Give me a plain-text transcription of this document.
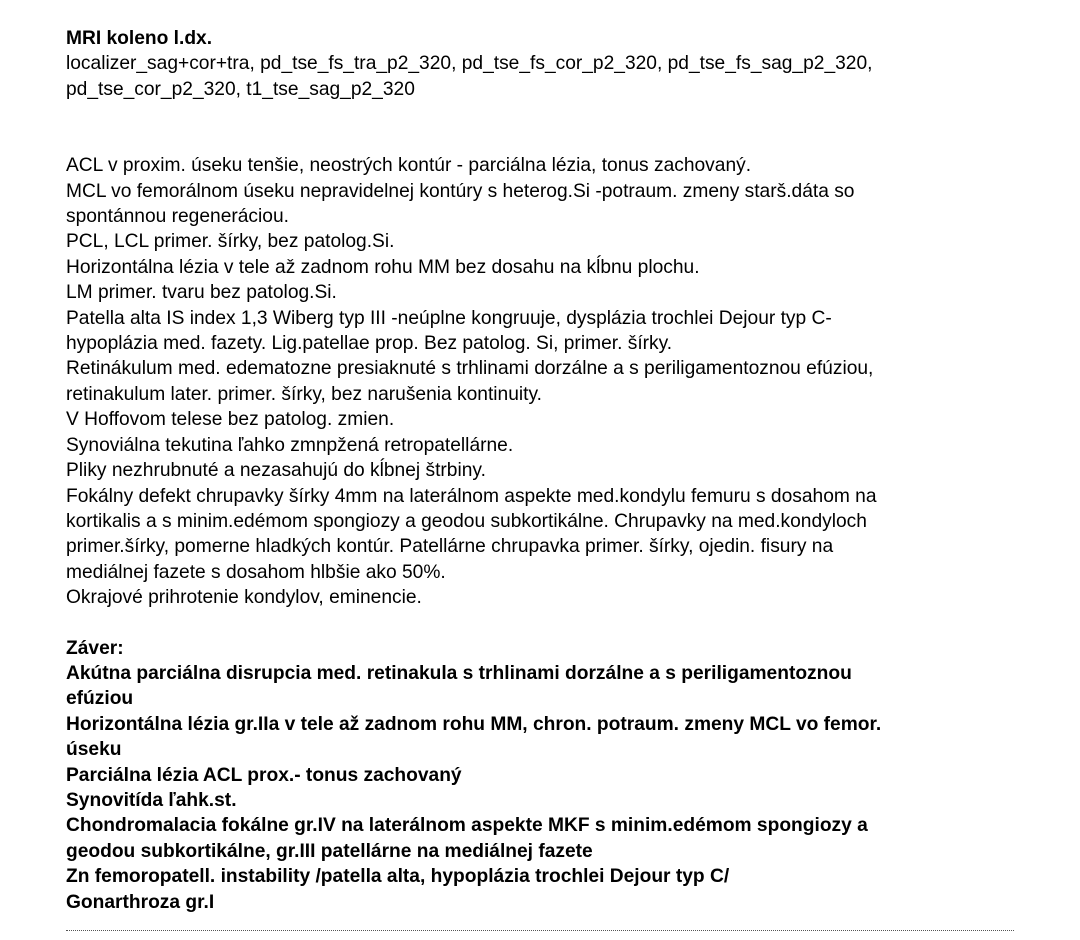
MRI koleno l.dx.

localizer_sag+cor+tra, pd_tse_fs_tra_p2_320, pd_tse_fs_cor_p2_320, pd_tse_fs_sag_p2_320,

pd_tse_cor_p2_320, t1_tse_sag_p2_320

ACL v proxim. úseku tenšie, neostrých kontúr - parciálna lézia, tonus zachovaný.

MCL vo femorálnom úseku nepravidelnej kontúry s heterog.Si -potraum. zmeny starš.dáta so

spontánnou regeneráciou.

PCL, LCL primer. šírky, bez patolog.Si.

Horizontálna lézia v tele až zadnom rohu MM bez dosahu na kĺbnu plochu.

LM primer. tvaru bez patolog.Si.

Patella alta IS index 1,3 Wiberg typ III -neúplne kongruuje, dysplázia trochlei Dejour typ C-

hypoplázia med. fazety. Lig.patellae prop. Bez patolog. Si, primer. šírky.

Retinákulum med. edematozne presiaknuté s trhlinami dorzálne a s periligamentoznou efúziou,

retinakulum later. primer. šírky, bez narušenia kontinuity.

V Hoffovom telese bez patolog. zmien.

Synoviálna tekutina ľahko zmnpžená retropatellárne.

Pliky nezhrubnuté a nezasahujú do kĺbnej štrbiny.

Fokálny defekt chrupavky šírky 4mm na laterálnom aspekte med.kondylu femuru s dosahom na

kortikalis a s minim.edémom spongiozy a geodou subkortikálne. Chrupavky na med.kondyloch

primer.šírky, pomerne hladkých kontúr. Patellárne chrupavka primer. šírky, ojedin. fisury na

mediálnej fazete s dosahom hlbšie ako 50%.

Okrajové prihrotenie kondylov, eminencie.

Záver:

Akútna parciálna disrupcia med. retinakula s trhlinami dorzálne a s periligamentoznou

efúziou

Horizontálna lézia gr.IIa v tele až zadnom rohu MM, chron. potraum. zmeny MCL vo femor.

úseku

Parciálna lézia ACL prox.- tonus zachovaný

Synovitída ľahk.st.

Chondromalacia fokálne gr.IV na laterálnom aspekte MKF s minim.edémom spongiozy a

geodou subkortikálne, gr.III patellárne na mediálnej fazete

Zn femoropatell. instability /patella alta, hypoplázia trochlei Dejour typ C/

Gonarthroza gr.I
